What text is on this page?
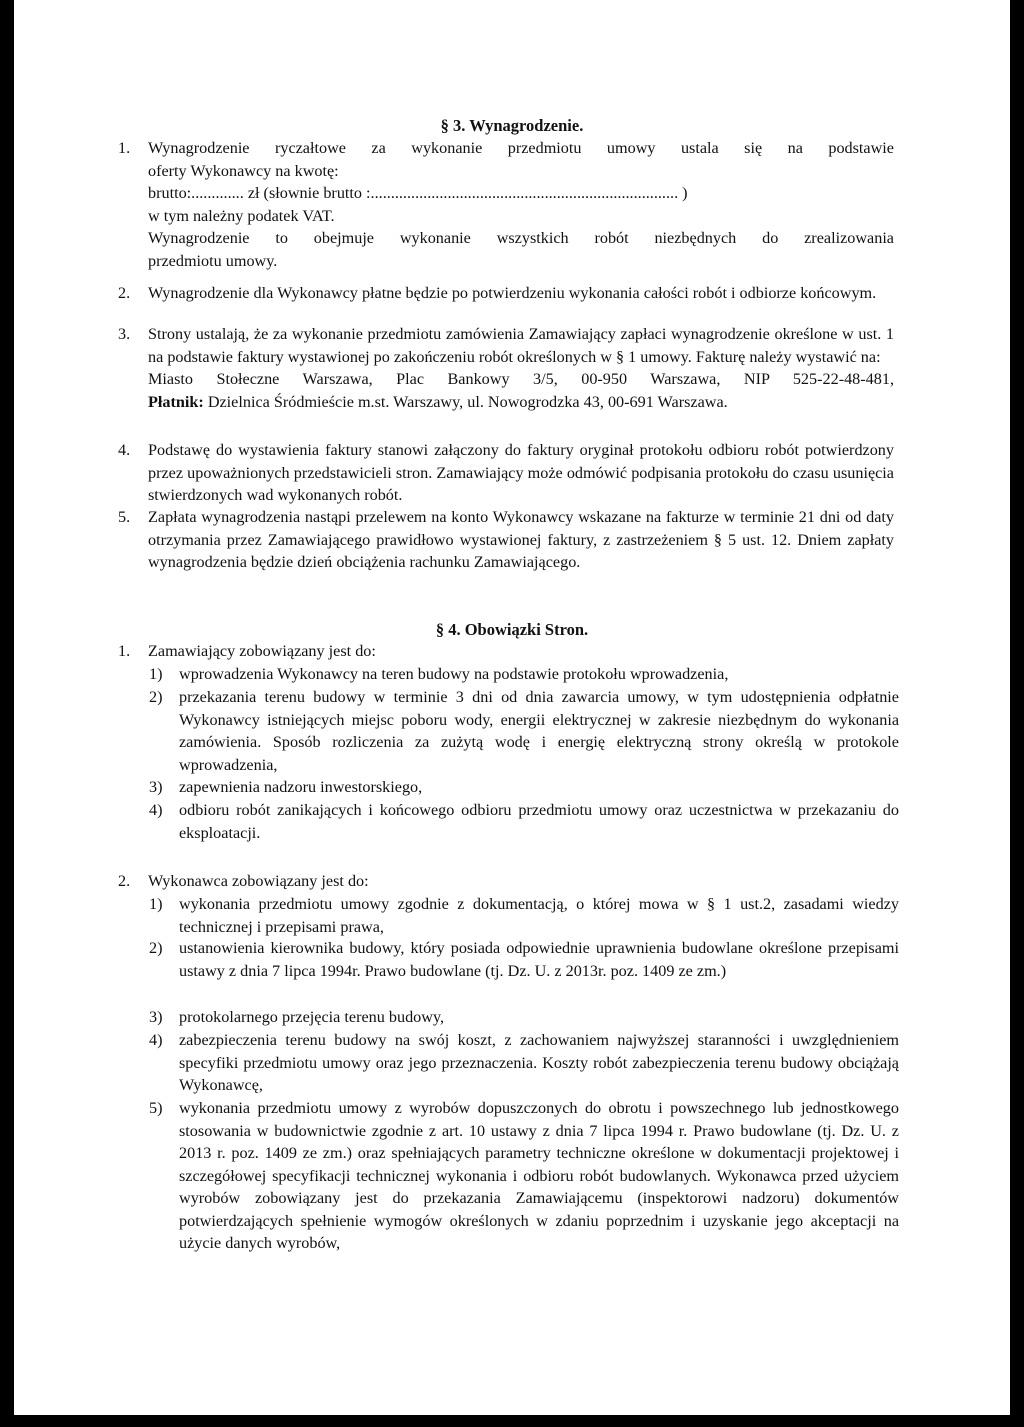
§ 3. Wynagrodzenie.
1.	Wynagrodzenie ryczałtowe za wykonanie przedmiotu umowy ustala się na podstawie
oferty Wykonawcy na kwotę:
brutto:............. zł (słownie brutto :............................................................................ )
w tym należny podatek VAT.
Wynagrodzenie to obejmuje wykonanie wszystkich robót niezbędnych do zrealizowania
przedmiotu umowy.
2.	Wynagrodzenie dla Wykonawcy płatne będzie po potwierdzeniu wykonania całości robót i odbiorze końcowym.
3.	Strony ustalają, że za wykonanie przedmiotu zamówienia Zamawiający zapłaci wynagrodzenie określone w ust. 1 na podstawie faktury wystawionej po zakończeniu robót określonych w § 1 umowy. Fakturę należy wystawić na:
Miasto Stołeczne Warszawa, Plac Bankowy 3/5, 00-950 Warszawa, NIP 525-22-48-481,
Płatnik: Dzielnica Śródmieście m.st. Warszawy, ul. Nowogrodzka 43, 00-691 Warszawa.
4.	Podstawę do wystawienia faktury stanowi załączony do faktury oryginał protokołu odbioru robót potwierdzony przez upoważnionych przedstawicieli stron. Zamawiający może odmówić podpisania protokołu do czasu usunięcia stwierdzonych wad wykonanych robót.
5.	Zapłata wynagrodzenia nastąpi przelewem na konto Wykonawcy wskazane na fakturze w terminie 21 dni od daty otrzymania przez Zamawiającego prawidłowo wystawionej faktury, z zastrzeżeniem § 5 ust. 12. Dniem zapłaty wynagrodzenia będzie dzień obciążenia rachunku Zamawiającego.
§ 4. Obowiązki Stron.
1.	Zamawiający zobowiązany jest do:
1)	wprowadzenia Wykonawcy na teren budowy na podstawie protokołu wprowadzenia,
2)	przekazania terenu budowy w terminie 3 dni od dnia zawarcia umowy, w tym udostępnienia odpłatnie Wykonawcy istniejących miejsc poboru wody, energii elektrycznej w zakresie niezbędnym do wykonania zamówienia. Sposób rozliczenia za zużytą wodę i energię elektryczną strony określą w protokole wprowadzenia,
3)	zapewnienia nadzoru inwestorskiego,
4)	odbioru robót zanikających i końcowego odbioru przedmiotu umowy oraz uczestnictwa w przekazaniu do eksploatacji.
2.	Wykonawca zobowiązany jest do:
1)	wykonania przedmiotu umowy zgodnie z dokumentacją, o której mowa w § 1 ust.2, zasadami wiedzy technicznej i przepisami prawa,
2)	ustanowienia kierownika budowy, który posiada odpowiednie uprawnienia budowlane określone przepisami ustawy z dnia 7 lipca 1994r. Prawo budowlane (tj. Dz. U. z 2013r. poz. 1409 ze zm.)
3)	protokolarnego przejęcia terenu budowy,
4)	zabezpieczenia terenu budowy na swój koszt, z zachowaniem najwyższej staranności i uwzględnieniem specyfiki przedmiotu umowy oraz jego przeznaczenia. Koszty robót zabezpieczenia terenu budowy obciążają Wykonawcę,
5)	wykonania przedmiotu umowy z wyrobów dopuszczonych do obrotu i powszechnego lub jednostkowego stosowania w budownictwie zgodnie z art. 10 ustawy z dnia 7 lipca 1994 r. Prawo budowlane (tj. Dz. U. z 2013 r. poz. 1409 ze zm.) oraz spełniających parametry techniczne określone w dokumentacji projektowej i szczegółowej specyfikacji technicznej wykonania i odbioru robót budowlanych. Wykonawca przed użyciem wyrobów zobowiązany jest do przekazania Zamawiającemu (inspektorowi nadzoru) dokumentów potwierdzających spełnienie wymogów określonych w zdaniu poprzednim i uzyskanie jego akceptacji na użycie danych wyrobów,
